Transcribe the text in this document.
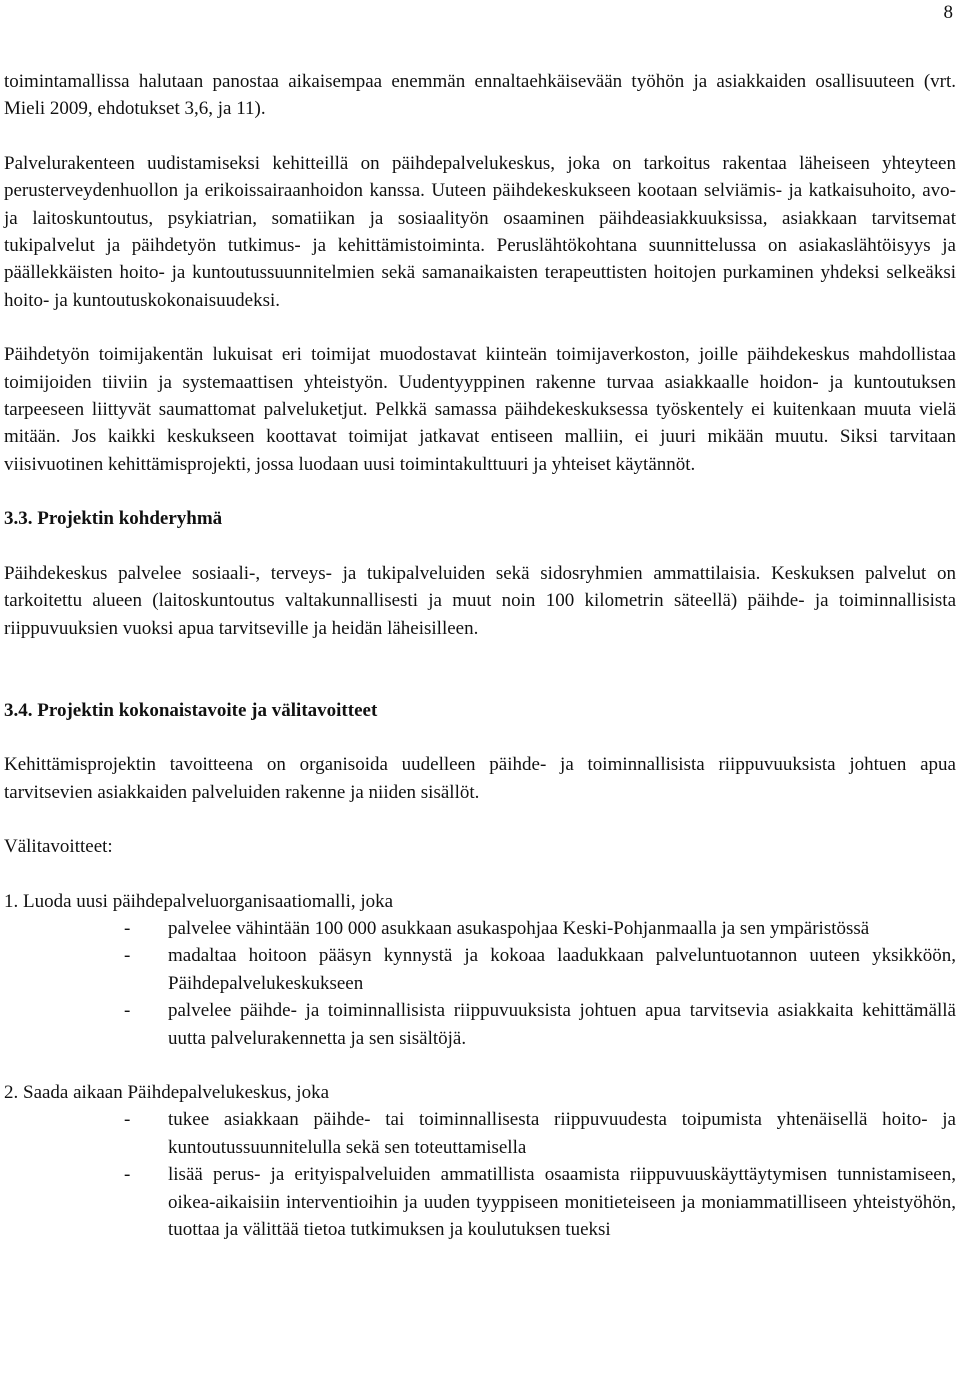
8

toimintamallissa halutaan panostaa aikaisempaa enemmän ennaltaehkäisevään työhön ja asiakkaiden osallisuuteen (vrt. Mieli 2009, ehdotukset 3,6, ja 11).

Palvelurakenteen uudistamiseksi kehitteillä on päihdepalvelukeskus, joka on tarkoitus rakentaa läheiseen yhteyteen perusterveydenhuollon ja erikoissairaanhoidon kanssa. Uuteen päihdekeskukseen kootaan selviämis- ja katkaisuhoito, avo- ja laitoskuntoutus, psykiatrian, somatiikan ja sosiaalityön osaaminen päihdeasiakkuuksissa, asiakkaan tarvitsemat tukipalvelut ja päihdetyön tutkimus- ja kehittämistoiminta. Peruslähtökohtana suunnittelussa on asiakaslähtöisyys ja päällekkäisten hoito- ja kuntoutussuunnitelmien sekä samanaikaisten terapeuttisten hoitojen purkaminen yhdeksi selkeäksi hoito- ja kuntoutuskokonaisuudeksi.

Päihdetyön toimijakentän lukuisat eri toimijat muodostavat kiinteän toimijaverkoston, joille päihdekeskus mahdollistaa toimijoiden tiiviin ja systemaattisen yhteistyön. Uudentyyppinen rakenne turvaa asiakkaalle hoidon- ja kuntoutuksen tarpeeseen liittyvät saumattomat palveluketjut. Pelkkä samassa päihdekeskuksessa työskentely ei kuitenkaan muuta vielä mitään. Jos kaikki keskukseen koottavat toimijat jatkavat entiseen malliin, ei juuri mikään muutu. Siksi tarvitaan viisivuotinen kehittämisprojekti, jossa luodaan uusi toimintakulttuuri ja yhteiset käytännöt.

3.3. Projektin kohderyhmä

Päihdekeskus palvelee sosiaali-, terveys- ja tukipalveluiden sekä sidosryhmien ammattilaisia. Keskuksen palvelut on tarkoitettu alueen (laitoskuntoutus valtakunnallisesti ja muut noin 100 kilometrin säteellä) päihde- ja toiminnallisista riippuvuuksien vuoksi apua tarvitseville ja heidän läheisilleen.

3.4. Projektin kokonaistavoite ja välitavoitteet

Kehittämisprojektin tavoitteena on organisoida uudelleen päihde- ja toiminnallisista riippuvuuksista johtuen apua tarvitsevien asiakkaiden palveluiden rakenne ja niiden sisällöt.

Välitavoitteet:

1. Luoda uusi päihdepalveluorganisaatiomalli, joka

- palvelee vähintään 100 000 asukkaan asukaspohjaa Keski-Pohjanmaalla ja sen ympäristössä
- madaltaa hoitoon pääsyn kynnystä ja kokoaa laadukkaan palveluntuotannon uuteen yksikköön, Päihdepalvelukeskukseen
- palvelee päihde- ja toiminnallisista riippuvuuksista johtuen apua tarvitsevia asiakkaita kehittämällä uutta palvelurakennetta ja sen sisältöjä.

2. Saada aikaan Päihdepalvelukeskus, joka

- tukee asiakkaan päihde- tai toiminnallisesta riippuvuudesta toipumista yhtenäisellä hoito- ja kuntoutussuunnitelulla sekä sen toteuttamisella
- lisää perus- ja erityispalveluiden ammatillista osaamista riippuvuuskäyttäytymisen tunnistamiseen, oikea-aikaisiin interventioihin ja uuden tyyppiseen monitieteiseen ja moniammatilliseen yhteistyöhön, tuottaa ja välittää tietoa tutkimuksen ja koulutuksen tueksi
